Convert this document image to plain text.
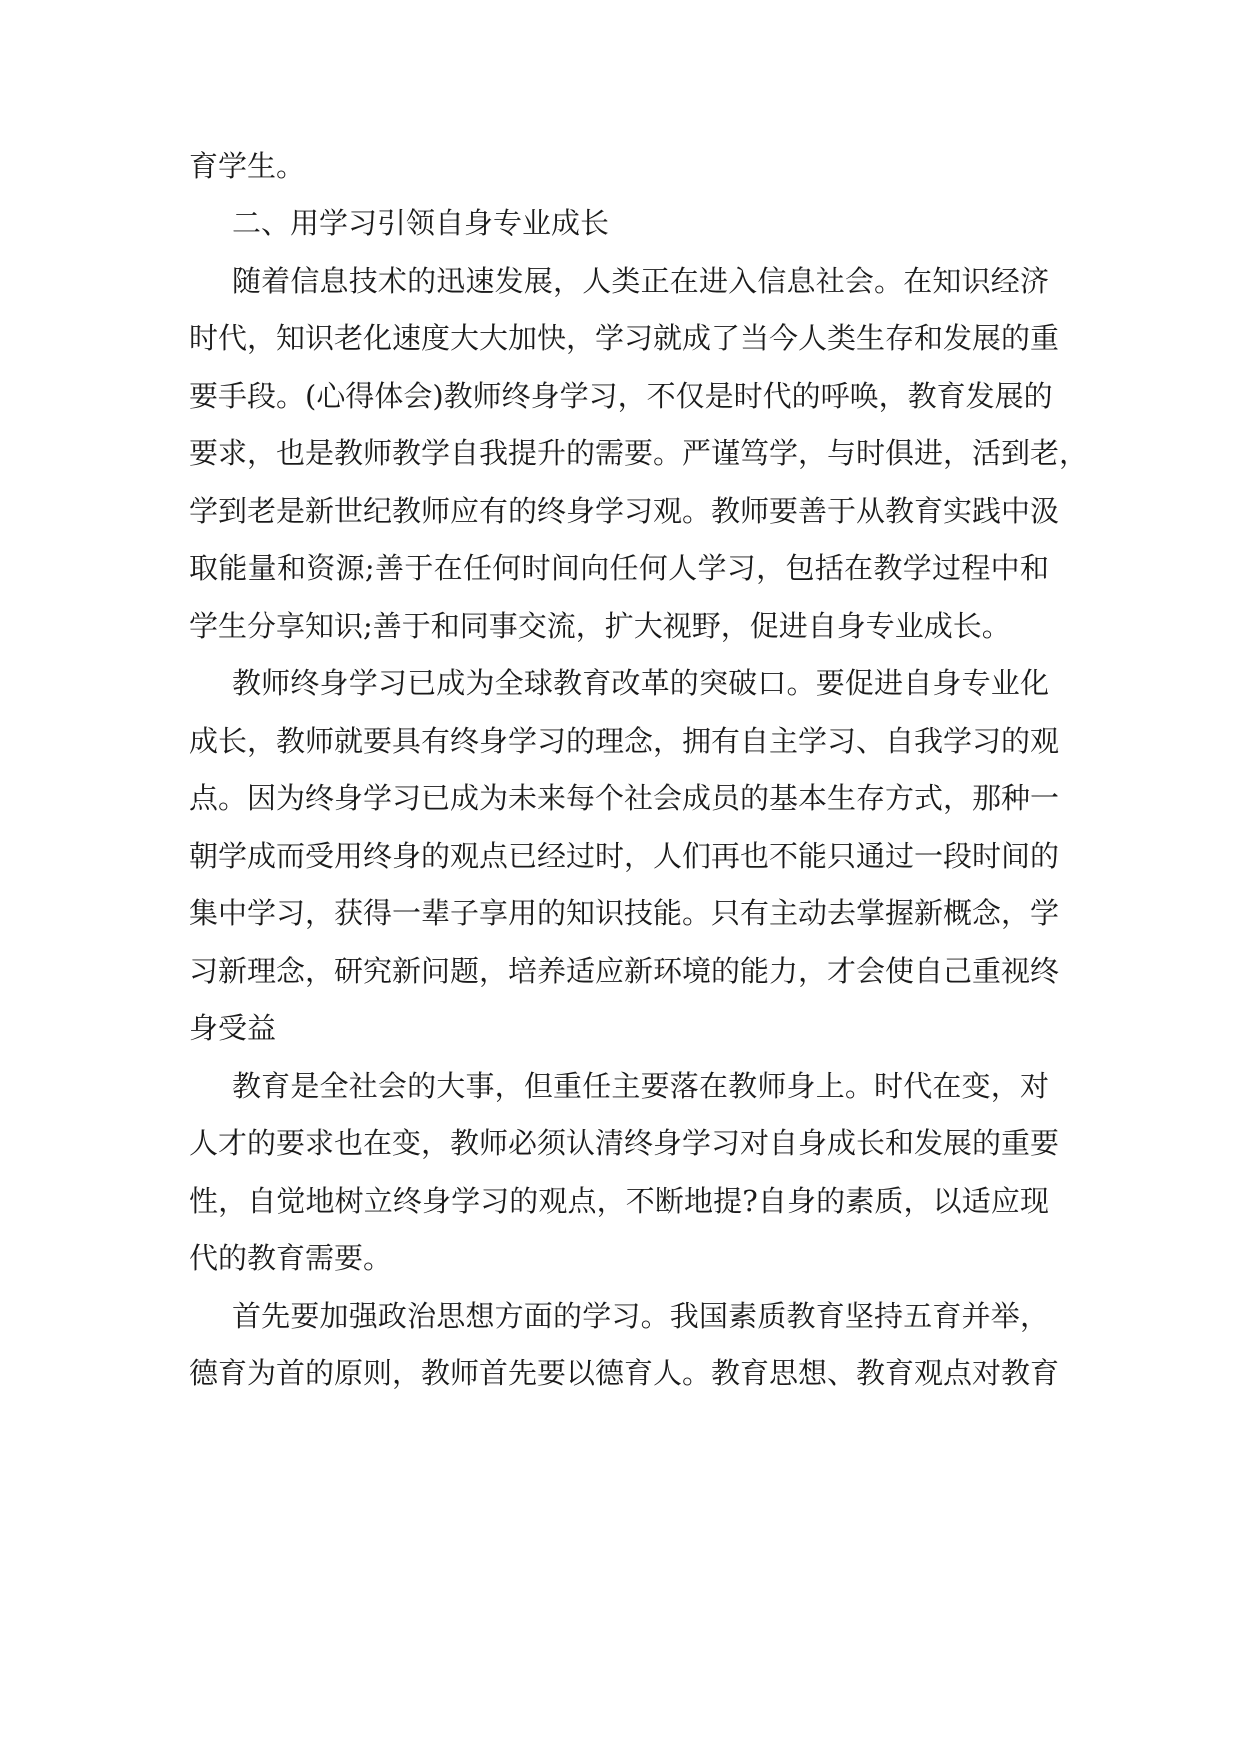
育学生。
二、用学习引领自身专业成长
随着信息技术的迅速发展，人类正在进入信息社会。在知识经济
时代，知识老化速度大大加快，学习就成了当今人类生存和发展的重
要手段。(心得体会)教师终身学习，不仅是时代的呼唤，教育发展的
要求，也是教师教学自我提升的需要。严谨笃学，与时俱进，活到老，
学到老是新世纪教师应有的终身学习观。教师要善于从教育实践中汲
取能量和资源;善于在任何时间向任何人学习，包括在教学过程中和
学生分享知识;善于和同事交流，扩大视野，促进自身专业成长。
教师终身学习已成为全球教育改革的突破口。要促进自身专业化
成长，教师就要具有终身学习的理念，拥有自主学习、自我学习的观
点。因为终身学习已成为未来每个社会成员的基本生存方式，那种一
朝学成而受用终身的观点已经过时，人们再也不能只通过一段时间的
集中学习，获得一辈子享用的知识技能。只有主动去掌握新概念，学
习新理念，研究新问题，培养适应新环境的能力，才会使自己重视终
身受益
教育是全社会的大事，但重任主要落在教师身上。时代在变，对
人才的要求也在变，教师必须认清终身学习对自身成长和发展的重要
性，自觉地树立终身学习的观点，不断地提?自身的素质，以适应现
代的教育需要。
首先要加强政治思想方面的学习。我国素质教育坚持五育并举，
德育为首的原则，教师首先要以德育人。教育思想、教育观点对教育
